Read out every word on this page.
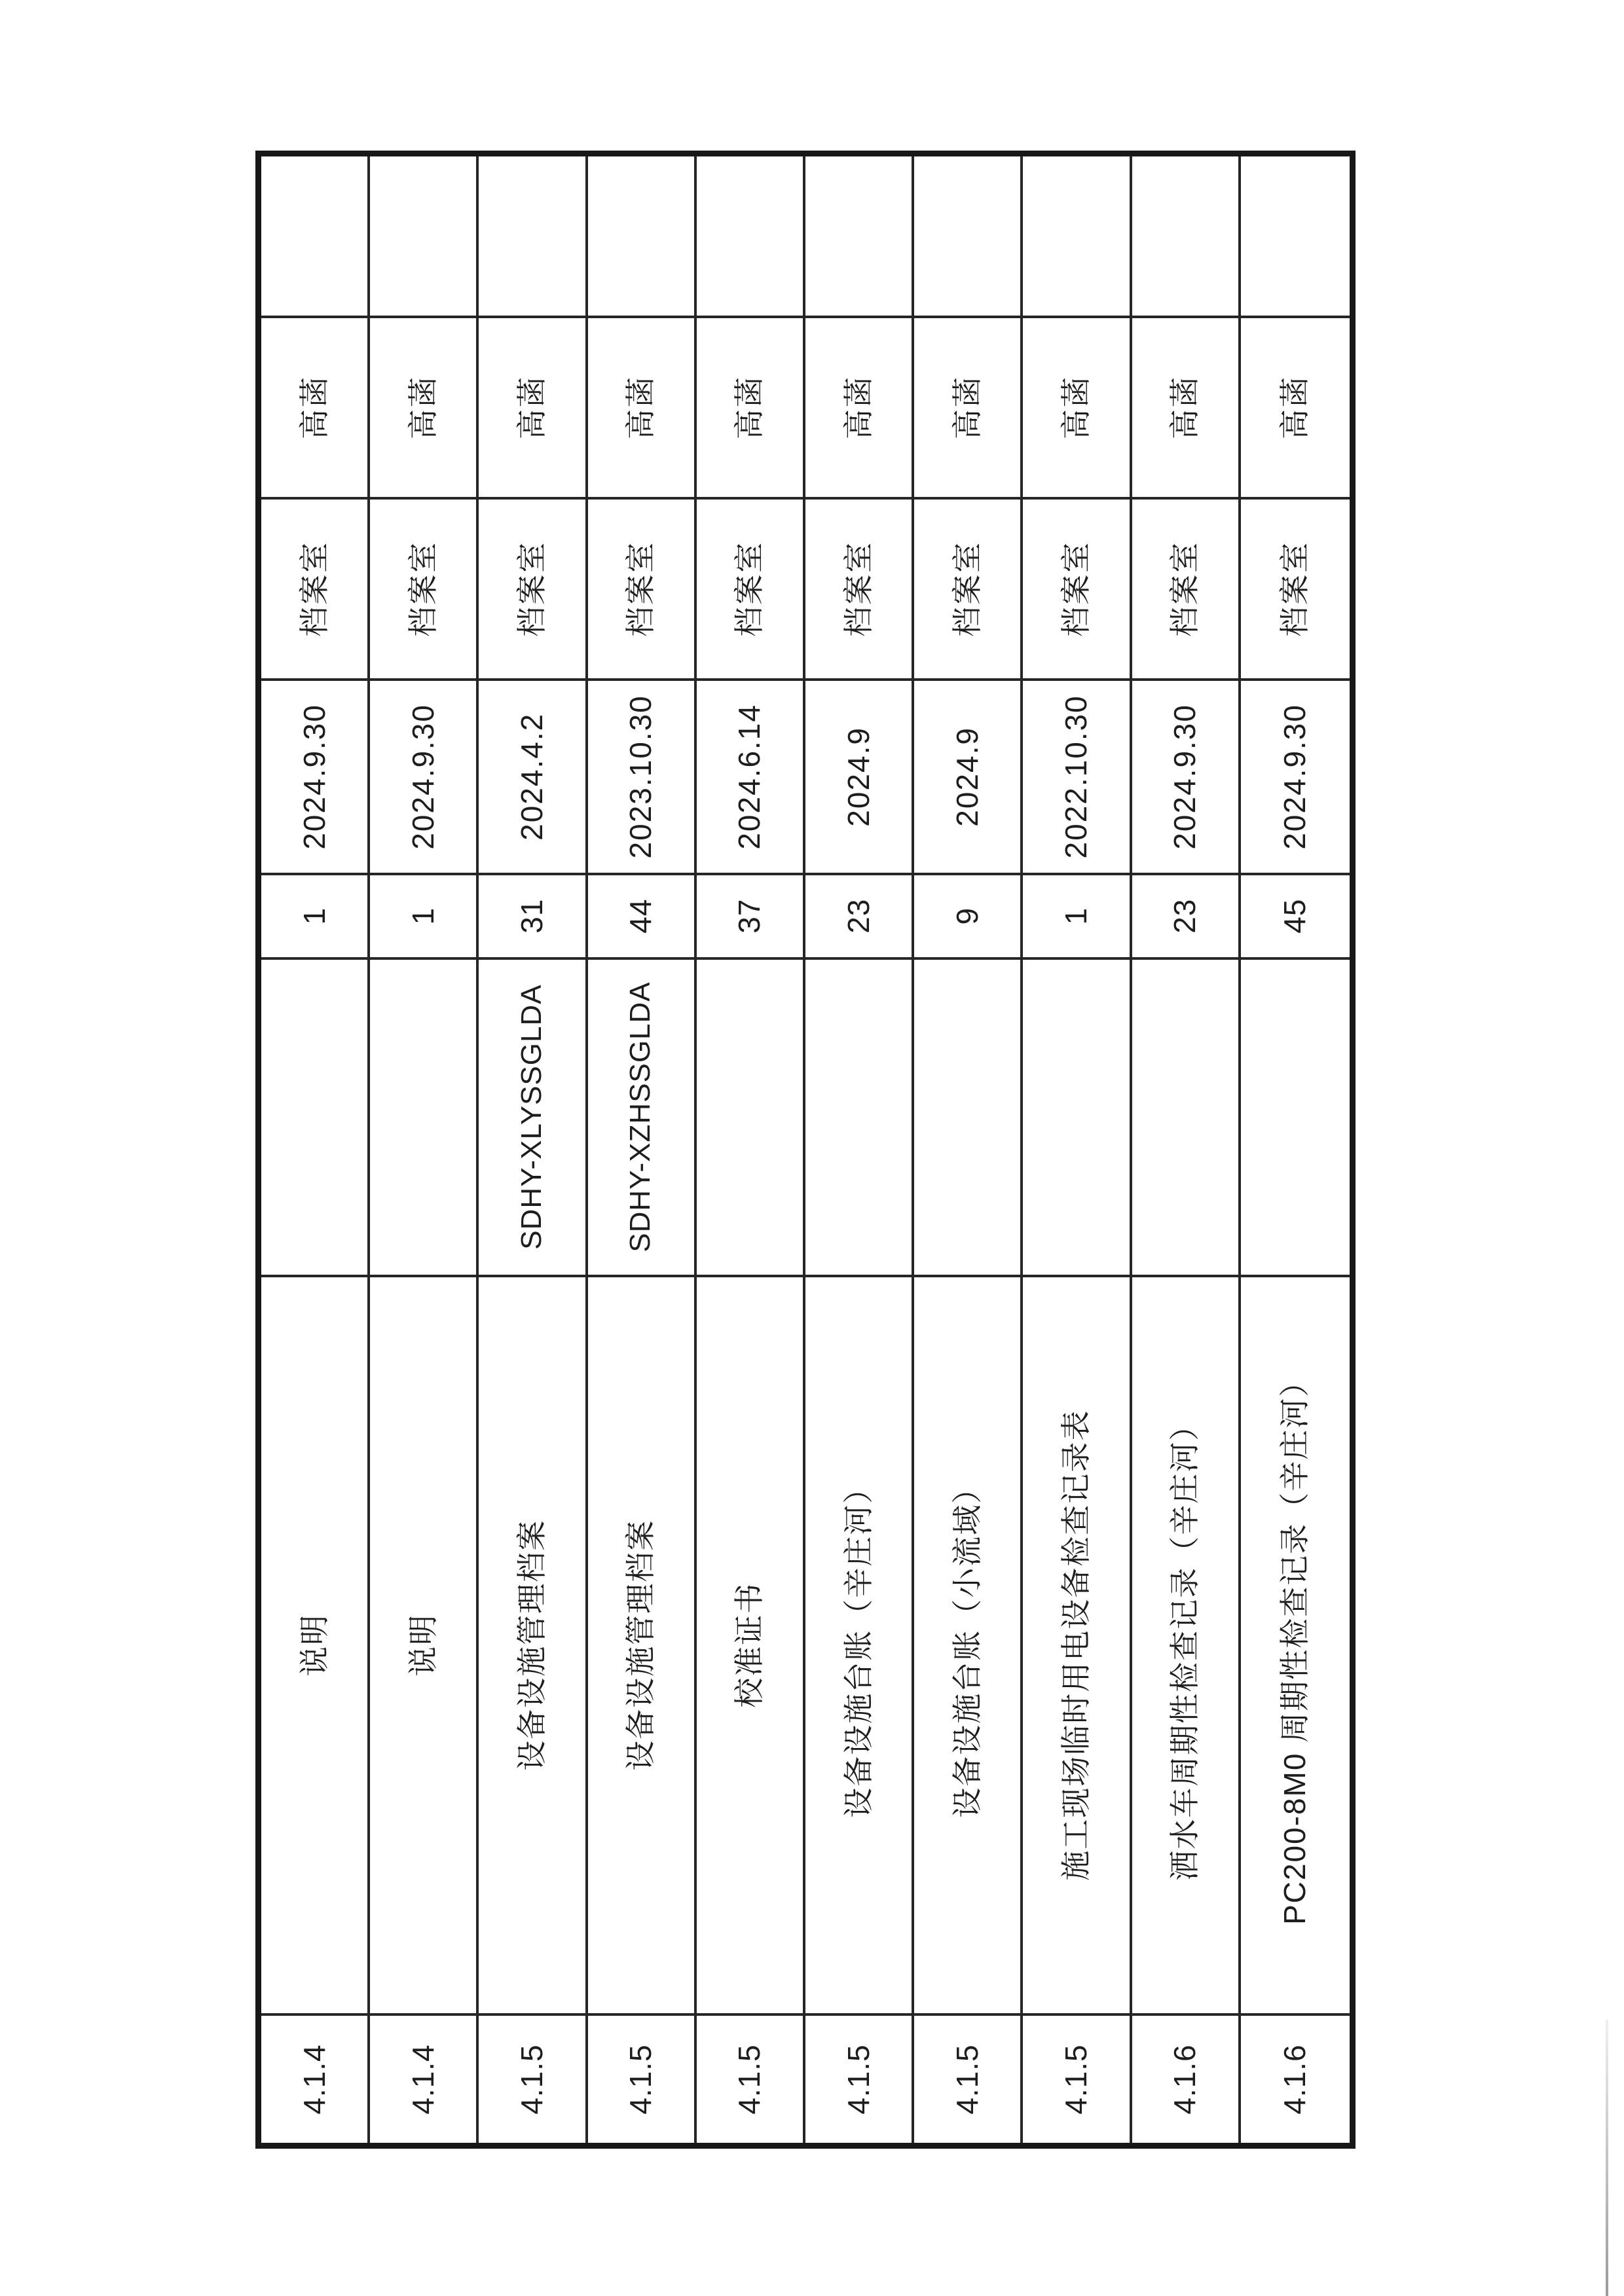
4.1.4
说明
1
2024.9.30
档案室
高菡
4.1.4
说明
1
2024.9.30
档案室
高菡
4.1.5
设备设施管理档案
SDHY-XLYSSGLDA
31
2024.4.2
档案室
高菡
4.1.5
设备设施管理档案
SDHY-XZHSSGLDA
44
2023.10.30
档案室
高菡
4.1.5
校准证书
37
2024.6.14
档案室
高菡
4.1.5
设备设施台账（辛庄河）
23
2024.9
档案室
高菡
4.1.5
设备设施台账（小流域）
9
2024.9
档案室
高菡
4.1.5
施工现场临时用电设备检查记录表
1
2022.10.30
档案室
高菡
4.1.6
洒水车周期性检查记录（辛庄河）
23
2024.9.30
档案室
高菡
4.1.6
PC200-8M0 周期性检查记录（辛庄河）
45
2024.9.30
档案室
高菡
